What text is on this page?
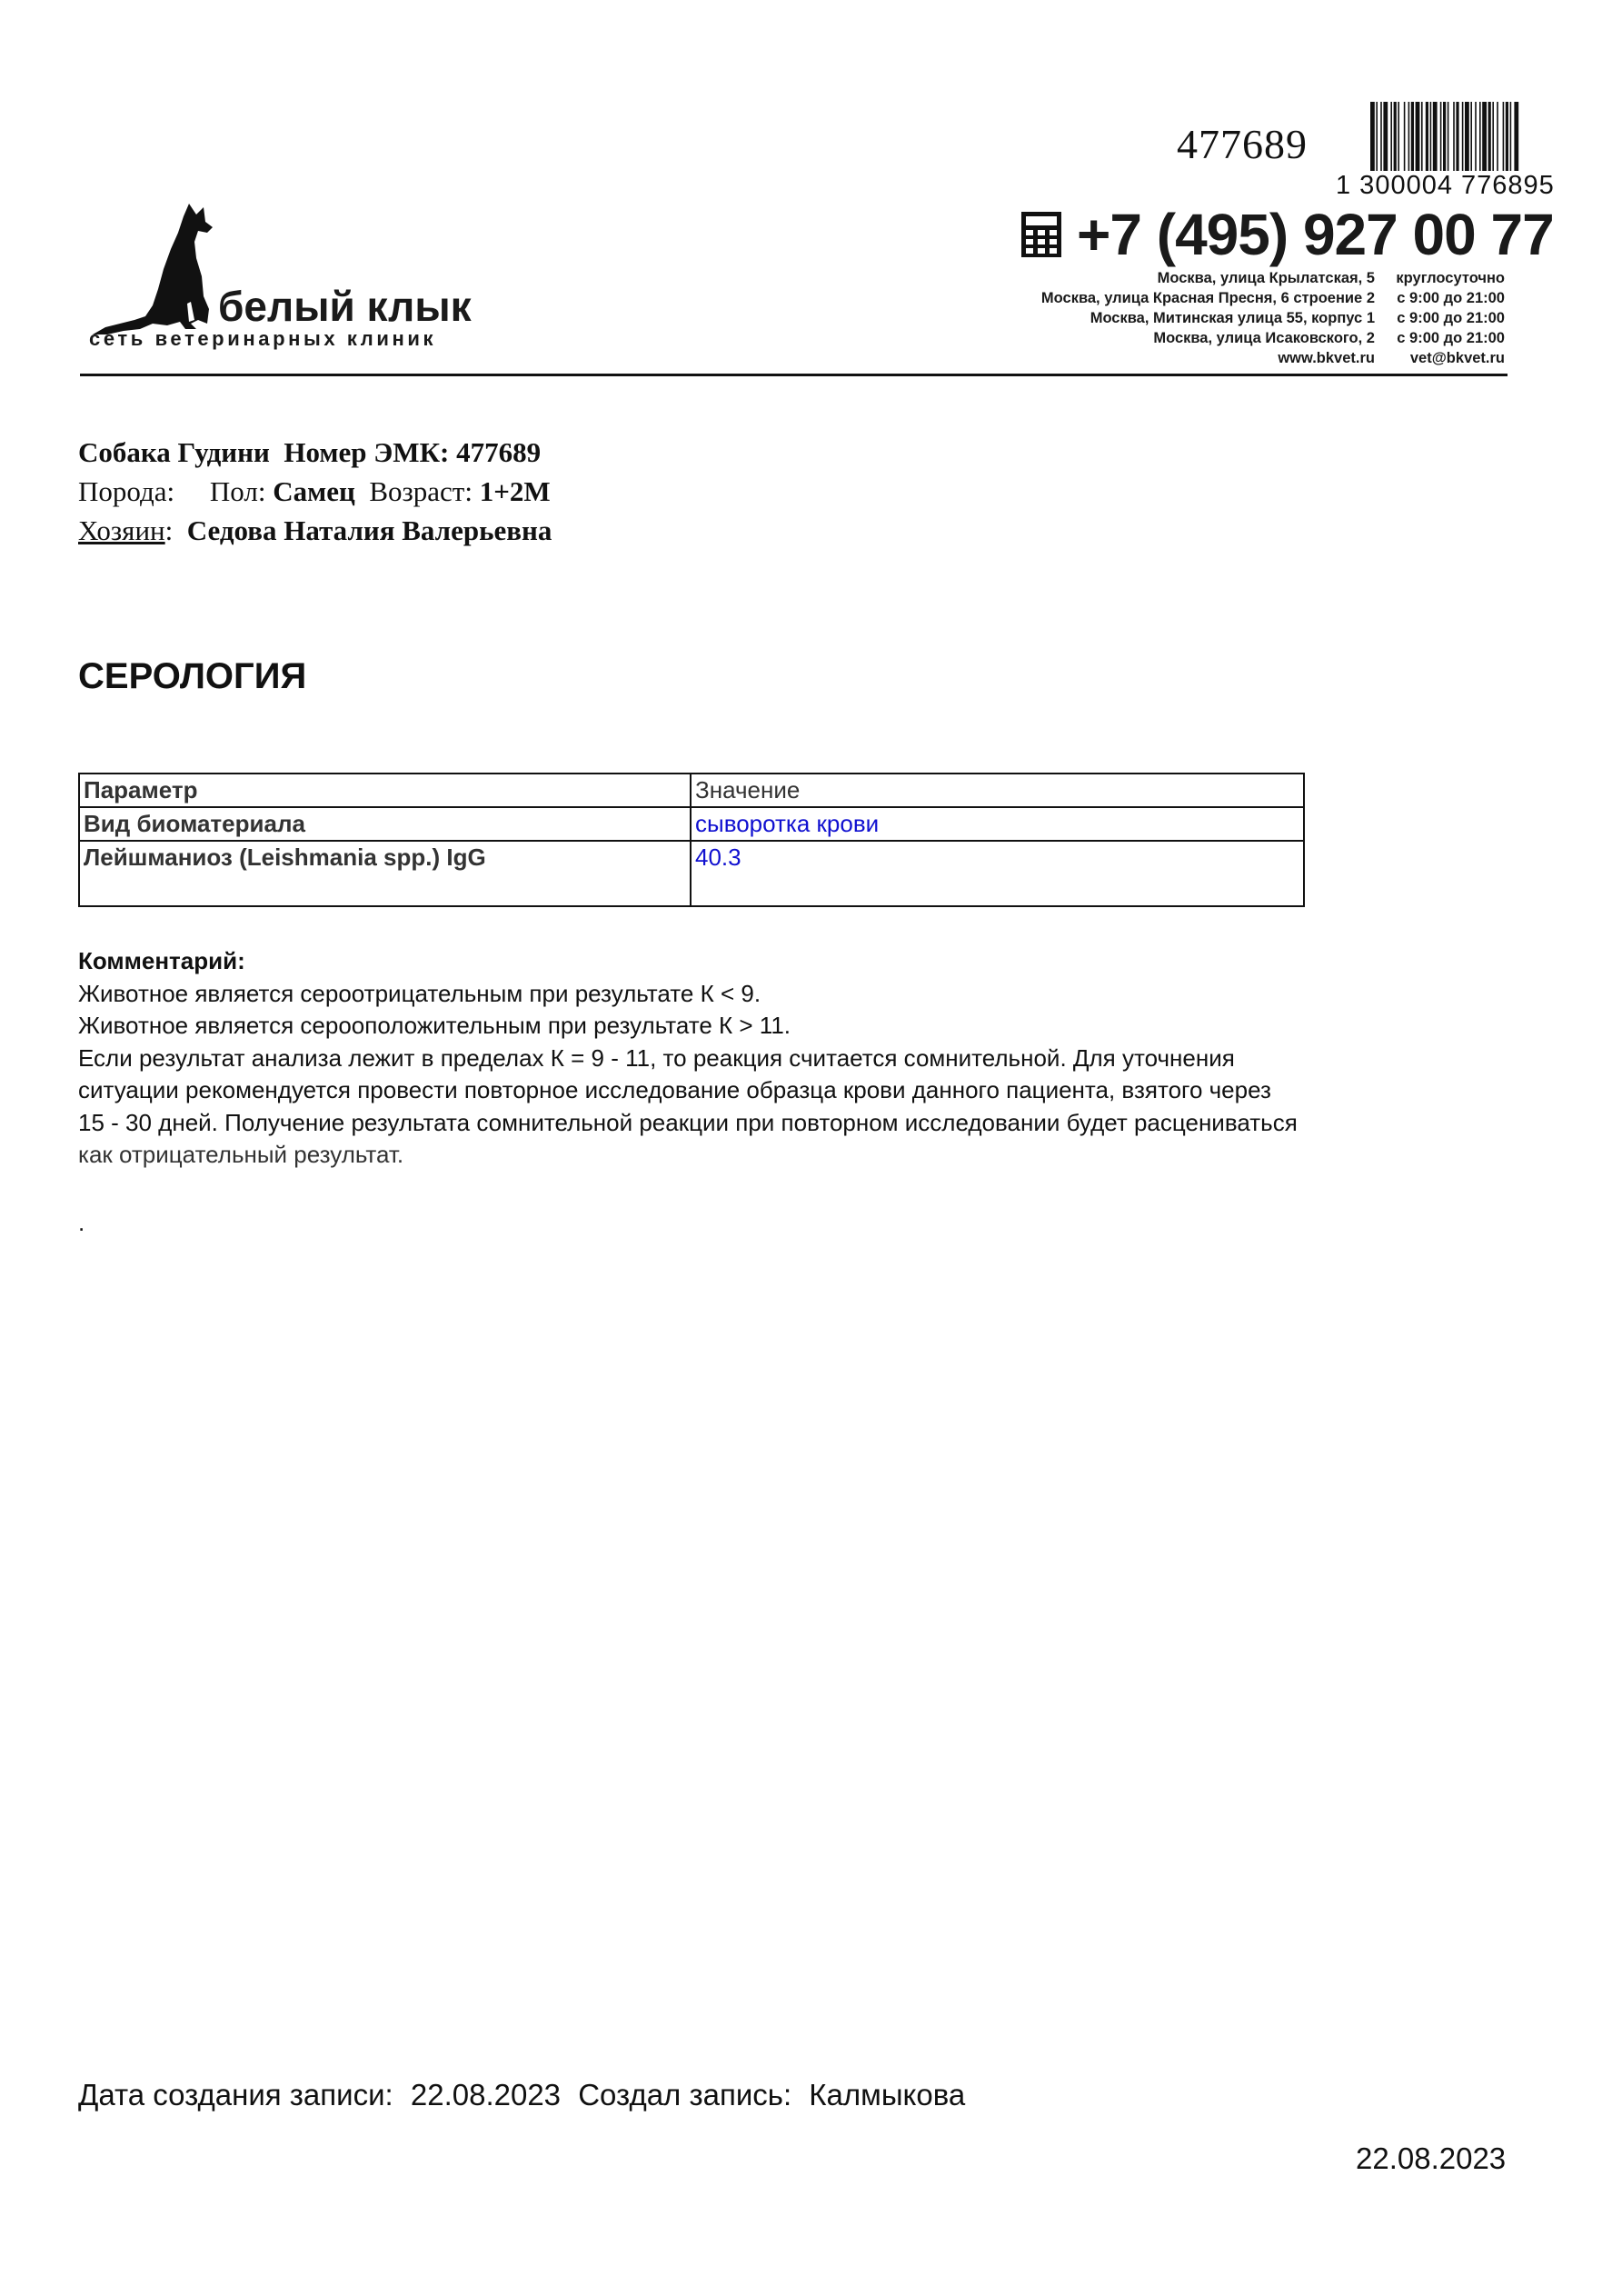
477689
1 300004 776895
белый клык
сеть ветеринарных клиник
+7 (495) 927 00 77
Москва, улица Крылатская, 5
Москва, улица Красная Пресня, 6 строение 2
Москва, Митинская улица 55, корпус 1
Москва, улица Исаковского, 2
www.bkvet.ru
круглосуточно
с 9:00 до 21:00
с 9:00 до 21:00
с 9:00 до 21:00
vet@bkvet.ru
Собака Гудини Номер ЭМК: 477689
Порода: Пол: Самец Возраст: 1+2М
Хозяин:  Седова Наталия Валерьевна
СЕРОЛОГИЯ
Параметр	Значение
Вид биоматериала	сыворотка крови
Лейшманиоз (Leishmania spp.) IgG	40.3
Комментарий:
Животное является сероотрицательным при результате К < 9.
Животное является серооположительным при результате К > 11.
Если результат анализа лежит в пределах К = 9 - 11, то реакция считается сомнительной. Для уточнения
ситуации рекомендуется провести повторное исследование образца крови данного пациента, взятого через
15 - 30 дней. Получение результата сомнительной реакции при повторном исследовании будет расцениваться
как отрицательный результат.
.
Дата создания записи: 22.08.2023 Создал запись: Калмыкова
22.08.2023
